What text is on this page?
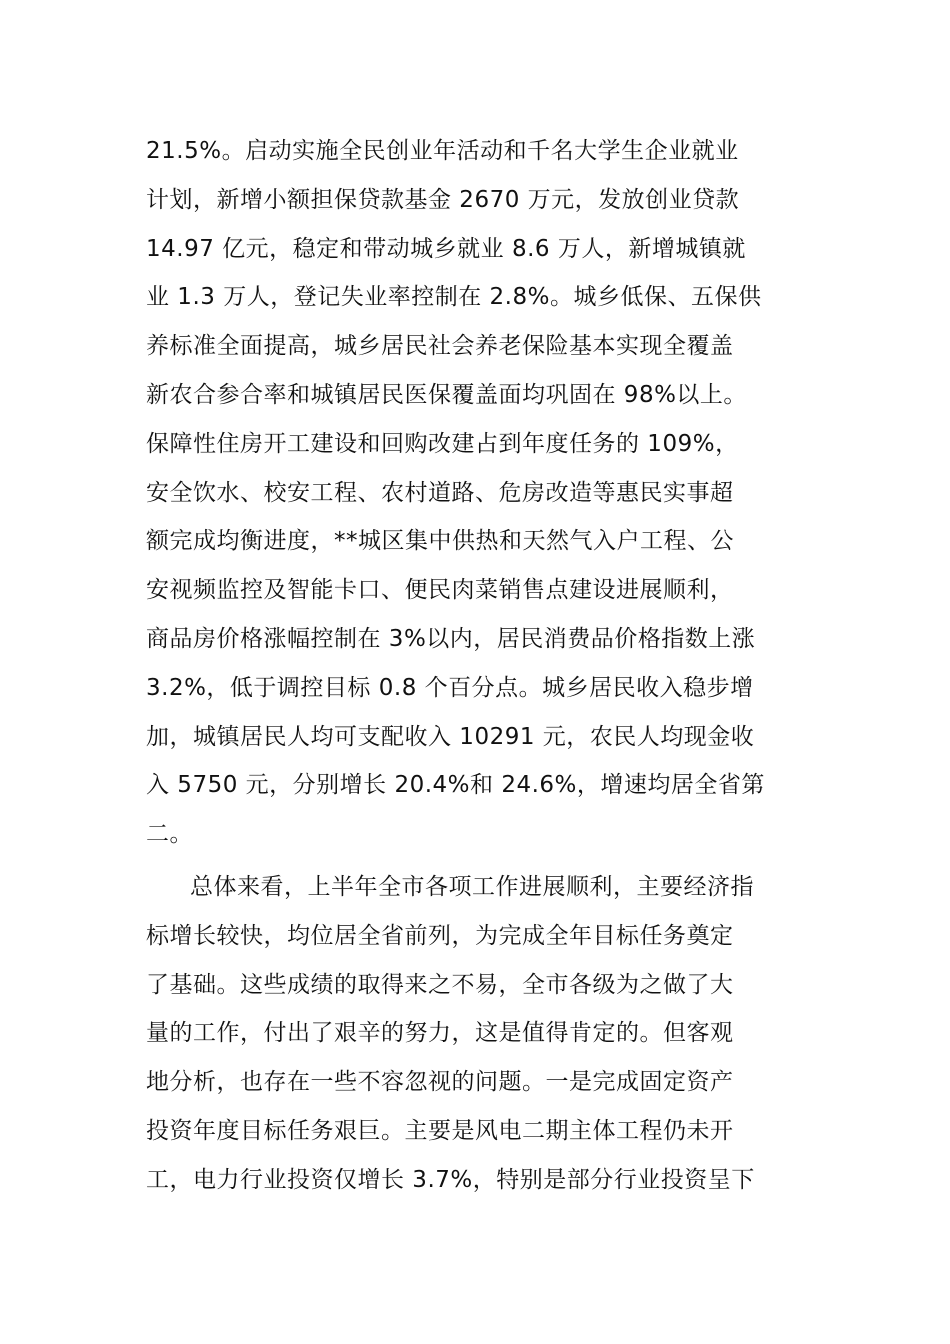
21.5%。启动实施全民创业年活动和千名大学生企业就业
计划，新增小额担保贷款基金 2670 万元，发放创业贷款
14.97 亿元，稳定和带动城乡就业 8.6 万人，新增城镇就
业 1.3 万人，登记失业率控制在 2.8%。城乡低保、五保供
养标准全面提高，城乡居民社会养老保险基本实现全覆盖
新农合参合率和城镇居民医保覆盖面均巩固在 98%以上。
保障性住房开工建设和回购改建占到年度任务的 109%，
安全饮水、校安工程、农村道路、危房改造等惠民实事超
额完成均衡进度，**城区集中供热和天然气入户工程、公
安视频监控及智能卡口、便民肉菜销售点建设进展顺利，
商品房价格涨幅控制在 3%以内，居民消费品价格指数上涨
3.2%，低于调控目标 0.8 个百分点。城乡居民收入稳步增
加，城镇居民人均可支配收入 10291 元，农民人均现金收
入 5750 元，分别增长 20.4%和 24.6%，增速均居全省第
二。
总体来看，上半年全市各项工作进展顺利，主要经济指
标增长较快，均位居全省前列，为完成全年目标任务奠定
了基础。这些成绩的取得来之不易，全市各级为之做了大
量的工作，付出了艰辛的努力，这是值得肯定的。但客观
地分析，也存在一些不容忽视的问题。一是完成固定资产
投资年度目标任务艰巨。主要是风电二期主体工程仍未开
工，电力行业投资仅增长 3.7%，特别是部分行业投资呈下
